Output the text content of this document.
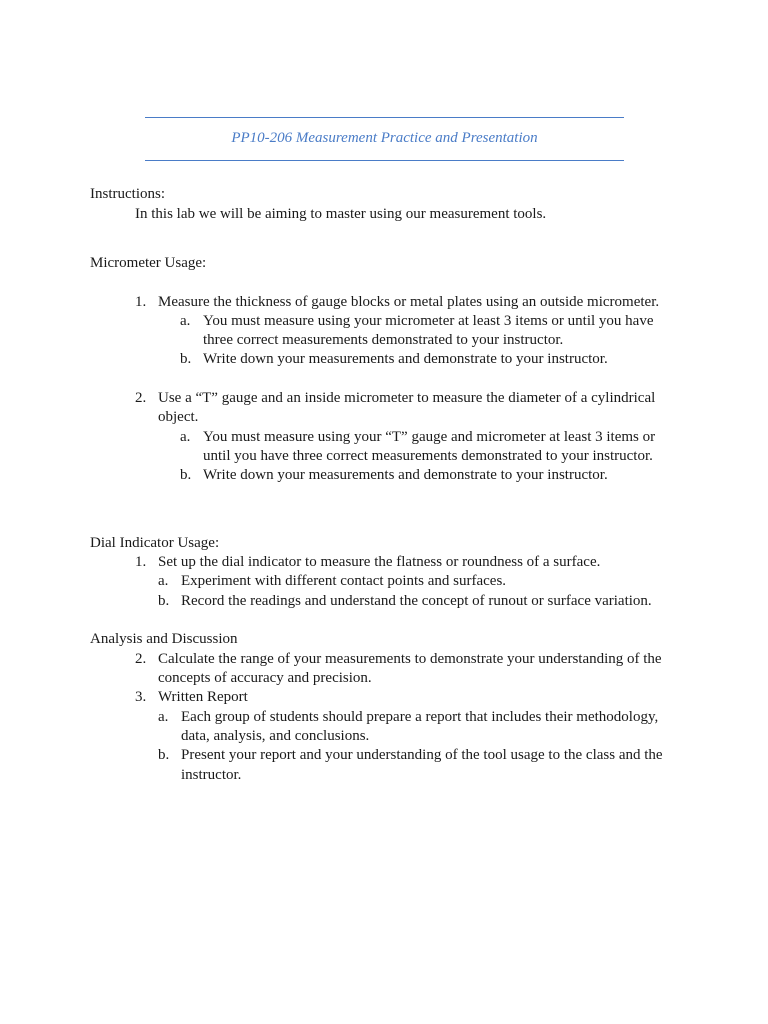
PP10-206 Measurement Practice and Presentation
Instructions:
In this lab we will be aiming to master using our measurement tools.
Micrometer Usage:
1. Measure the thickness of gauge blocks or metal plates using an outside micrometer.
a. You must measure using your micrometer at least 3 items or until you have
three correct measurements demonstrated to your instructor.
b. Write down your measurements and demonstrate to your instructor.
2. Use a “T” gauge and an inside micrometer to measure the diameter of a cylindrical
object.
a. You must measure using your “T” gauge and micrometer at least 3 items or
until you have three correct measurements demonstrated to your instructor.
b. Write down your measurements and demonstrate to your instructor.
Dial Indicator Usage:
1. Set up the dial indicator to measure the flatness or roundness of a surface.
a. Experiment with different contact points and surfaces.
b. Record the readings and understand the concept of runout or surface variation.
Analysis and Discussion
2. Calculate the range of your measurements to demonstrate your understanding of the
concepts of accuracy and precision.
3. Written Report
a. Each group of students should prepare a report that includes their methodology,
data, analysis, and conclusions.
b. Present your report and your understanding of the tool usage to the class and the
instructor.
